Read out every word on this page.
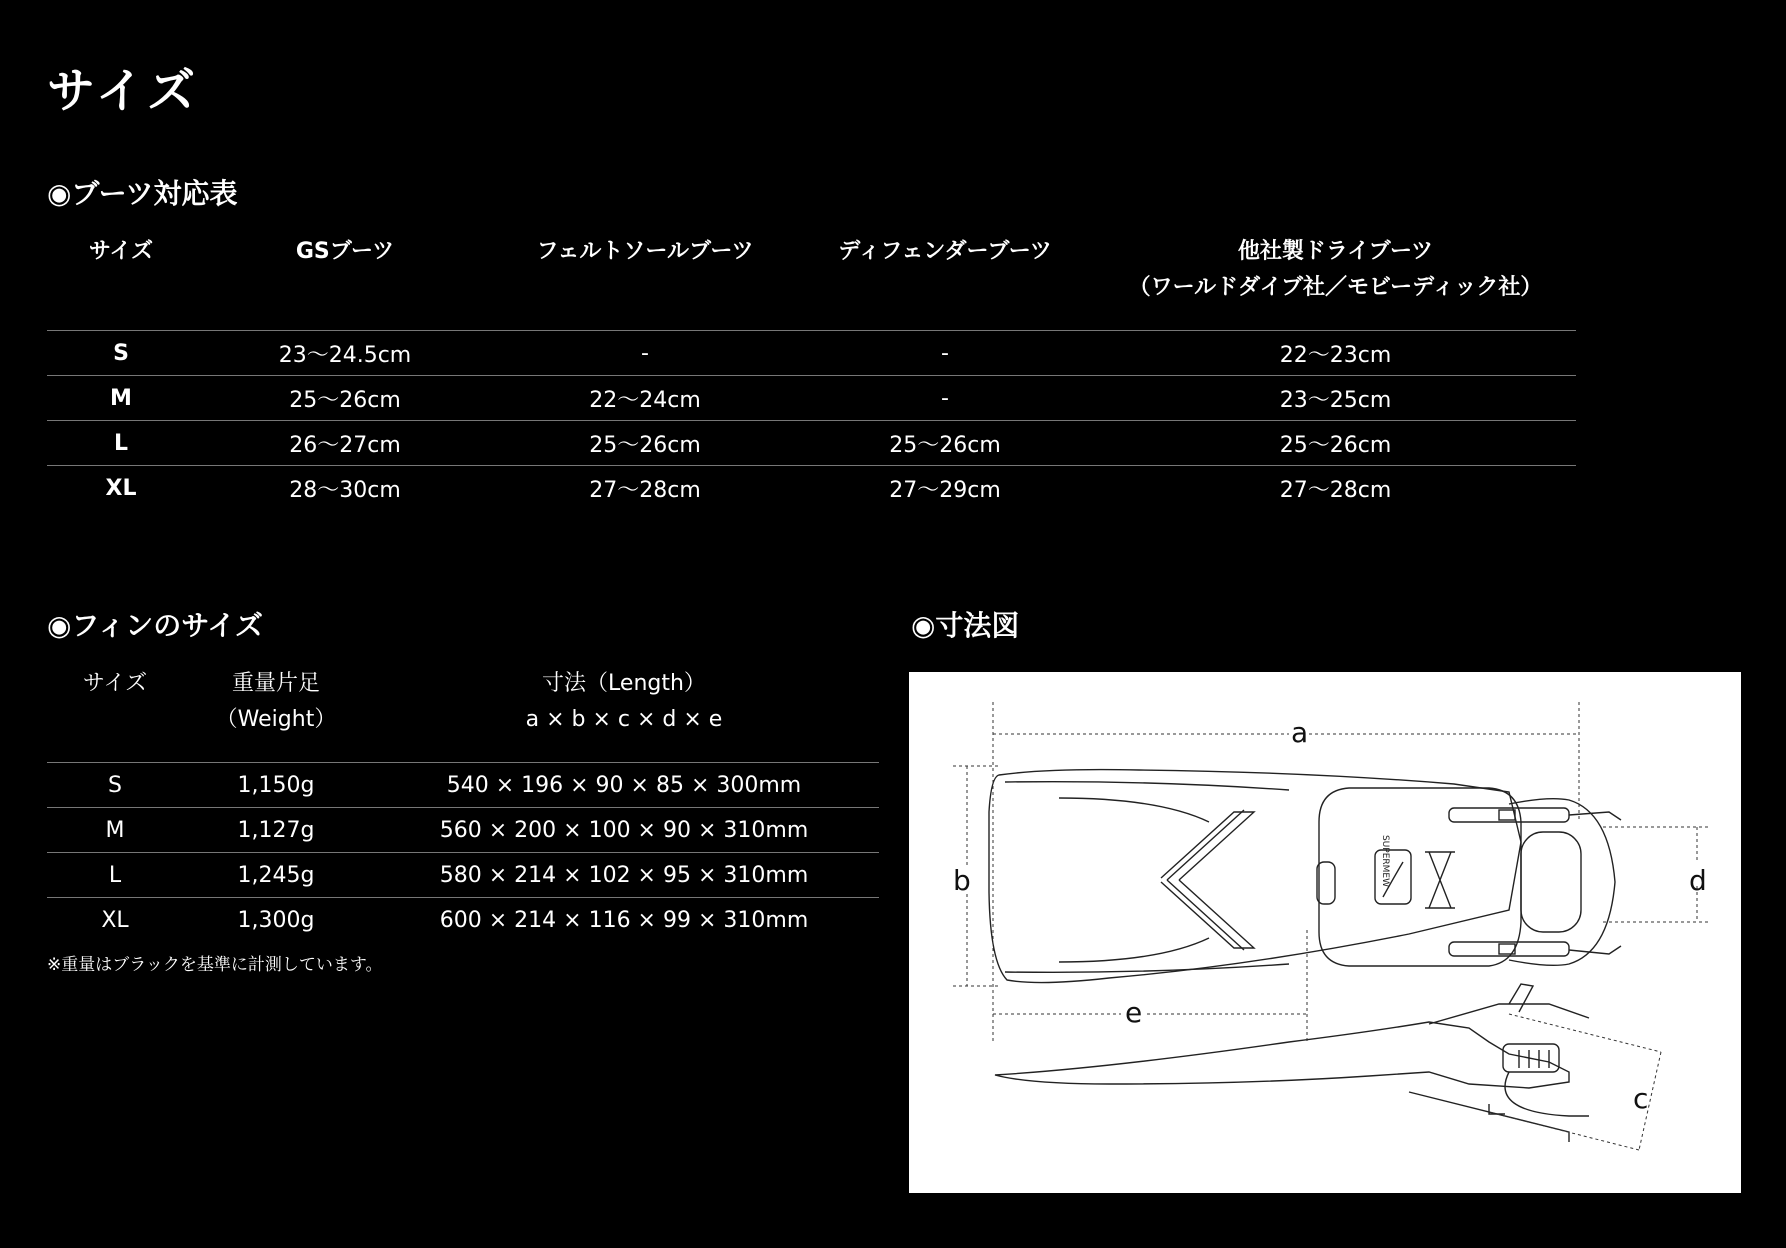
サイズ
◉ブーツ対応表
サイズ	GSブーツ	フェルトソールブーツ	ディフェンダーブーツ	他社製ドライブーツ
（ワールドダイブ社／モビーディック社）

S	23〜24.5cm	-	-	22〜23cm
M	25〜26cm	22〜24cm	-	23〜25cm
L	26〜27cm	25〜26cm	25〜26cm	25〜26cm
XL	28〜30cm	27〜28cm	27〜29cm	27〜28cm
◉フィンのサイズ
サイズ	重量片足（Weight）	寸法（Length）
a × b × c × d × e

S	1,150g	540 × 196 × 90 × 85 × 300mm
M	1,127g	560 × 200 × 100 × 90 × 310mm
L	1,245g	580 × 214 × 102 × 95 × 310mm
XL	1,300g	600 × 214 × 116 × 99 × 310mm
※重量はブラックを基準に計測しています。
◉寸法図
SUPERMEW
a
b
c
d
e
